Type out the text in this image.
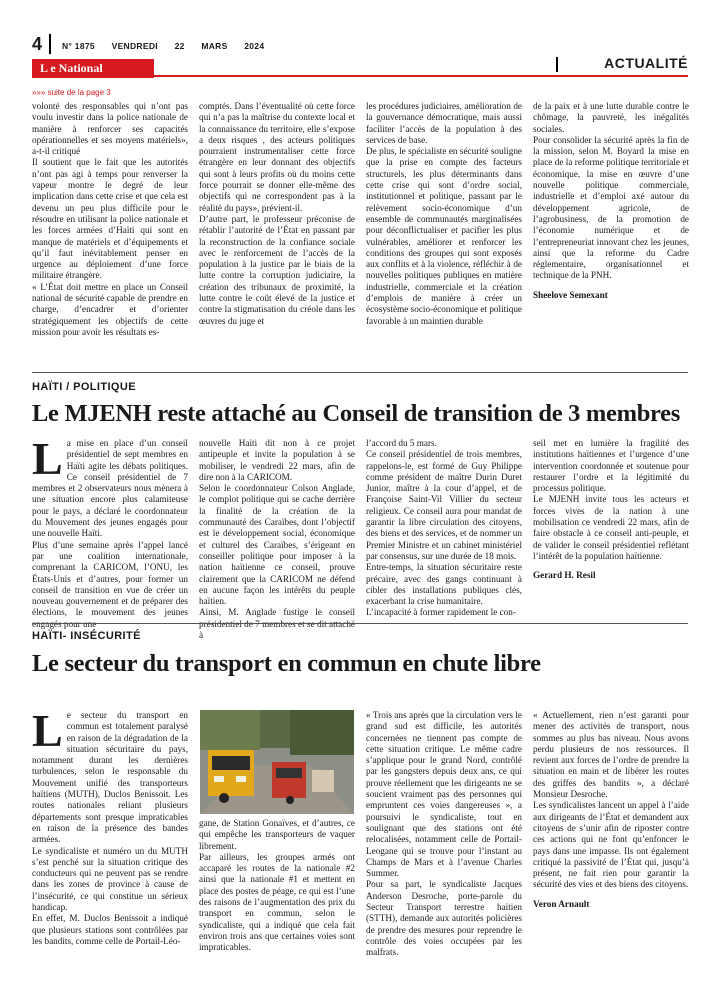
4 N° 1875 VENDREDI 22 MARS 2024
L e National	ACTUALITÉ
»»» suite de la page 3

volonté des responsables qui n’ont pas voulu investir dans la police nationale de manière à renforcer ses capacités opérationnelles et ses moyens matériels», a-t-il critiqué
Il soutient que le fait que les autorités n’ont pas agi à temps pour renverser la vapeur montre le degré de leur implication dans cette crise et que cela est devenu un peu plus difficile pour le résoudre en utilisant la police nationale et les forces armées d’Haïti qui sont en manque de matériels et d’équipements et qu’il faut inévitablement penser en urgence au déploiement d’une force militaire étrangère.
« L’État doit mettre en place un Conseil national de sécurité capable de prendre en charge, d’encadrer et d’orienter stratégiquement les objectifs de cette mission pour avoir les résultats es-

comptés. Dans l’éventualité où cette force qui n’a pas la maîtrise du contexte local et la connaissance du territoire, elle s’expose a deux risques , des acteurs politiques pourraient instrumentaliser cette force étrangère en leur donnant des objectifs qui sont à leurs profits où du moins cette force pourrait se donner elle-même des objectifs qui ne correspondent pas à la réalité du pays», prévient-il.
D’autre part, le professeur préconise de rétablir l’autorité de l’État en passant par la reconstruction de la confiance sociale avec le renforcement de l’accès de la population à la justice par le biais de la lutte contre la corruption judiciaire, la création des tribunaux de proximité, la lutte contre le coût élevé de la justice et contre la stigmatisation du créole dans les œuvres du juge et

les procédures judiciaires, amélioration de la gouvernance démocratique, mais aussi faciliter l’accès de la population à des services de base.
De plus, le spécialiste en sécurité souligne que la prise en compte des facteurs structurels, les plus déterminants dans cette crise qui sont d’ordre social, institutionnel et politique, passant par le relèvement socio-économique d’un ensemble de communautés marginalisées pour déconflictualiser et pacifier les plus vulnérables, améliorer et renforcer les conditions des groupes qui sont exposés aux conflits et à la violence, réfléchir à de nouvelles politiques publiques en matière industrielle, commerciale et la création d’emplois de manière à créer un écosystème socio-économique et politique favorable à un maintien durable

de la paix et à une lutte durable contre le chômage, la pauvreté, les inégalités sociales.
Pour consolider la sécurité après la fin de la mission, selon M. Boyard la mise en place de la reforme politique territoriale et économique, la mise en œuvre d’une nouvelle politique commerciale, industrielle et d’emploi axé autour du développement agricole, de l’agrobusiness, de la promotion de l’économie numérique et de l’entrepreneuriat innovant chez les jeunes, ainsi que la reforme du Cadre réglementaire, organisationnel et technique de la PNH.

Sheelove Semexant

HAÏTI / POLITIQUE
Le MJENH reste attaché au Conseil de transition de 3 membres
L a mise en place d’un conseil présidentiel de sept membres en Haïti agite les débats politiques. Ce conseil présidentiel de 7 membres et 2 observateurs nous mènera à une situation encore plus calamiteuse pour le pays, a déclaré le coordonnateur du Mouvement des jeunes engagés pour une nouvelle Haïti.
Plus d’une semaine après l’appel lancé par une coalition internationale, comprenant la CARICOM, l’ONU, les États-Unis et d’autres, pour former un conseil de transition en vue de créer un nouveau gouvernement et de préparer des élections, le mouvement des jeunes

nouvelle Haïti dit non à ce projet antipeuple et invite la population à se mobiliser, le vendredi 22 mars, afin de dire non à la CARICOM.
Selon le coordonnateur Colson Anglade, le complot politique qui se cache derrière la finalité de la création de la communauté des Caraïbes, dont l’objectif est le développement social, économique et culturel des Caraïbes, s’érigeant en conseiller politique pour imposer à la nation haïtienne ce conseil, prouve clairement que la CARICOM ne défend en aucune façon les intérêts du peuple haïtien.
Ainsi, M. Anglade fustige le conseil à

l’accord du 5 mars.
Ce conseil présidentiel de trois membres, rappelons-le, est formé de Guy Philippe comme président de maître Durin Duret Junior, maître à la cour d’appel, et de Françoise Saint-Vil Villier du secteur religieux. Ce conseil aura pour mandat de garantir la libre circulation des citoyens, des biens et des services, et de nommer un Premier Ministre et un cabinet ministériel par consensus, sur une durée de 18 mois.
Entre-temps, la situation sécuritaire reste précaire, avec des gangs continuant à cibler des installations publiques clés, exacerbant la crise humanitaire.
L’incapacité à former rapidement le con-

seil met en lumière la fragilité des institutions haïtiennes et l’urgence d’une intervention coordonnée et soutenue pour restaurer l’ordre et la légitimité du processus politique.
Le MJENH invite tous les acteurs et forces vives de la nation à une mobilisation ce vendredi 22 mars, afin de faire obstacle à ce conseil anti-peuple, et de valider le conseil présidentiel reflétant l’intérêt de la population haïtienne.

Gerard H. Resil

HAÏTI- INSÉCURITÉ
Le secteur du transport en commun en chute libre
L e secteur du transport en commun est totalement paralysé en raison de la dégradation de la situation sécuritaire du pays, notamment durant les dernières turbulences, selon le responsable du Mouvement unifié des transporteurs haïtiens (MUTH), Duclos Benissoit. Les routes nationales reliant plusieurs départements sont presque impraticables en raison de la présence des bandes armées.
Le syndicaliste et numéro un du MUTH s’est penché sur la situation critique des conducteurs qui ne peuvent pas se rendre dans les zones de province à cause de l’insécurité, ce qui constitue un sérieux handicap.
En effet, M. Duclos Benissoit a indiqué que plusieurs stations sont contrôlées par les bandits, comme celle de Portail-Léo-

gane, de Station Gonaïves, et d’autres, ce qui empêche les transporteurs de vaquer librement.
Par ailleurs, les groupes armés ont accaparé les routes de la nationale #2 ainsi que la nationale #1 et mettent en place des postes de péage, ce qui est l’une des raisons de l’augmentation des prix du transport en commun, selon le syndicaliste, qui a indiqué que cela fait environ trois ans que certaines voies sont impraticables.

« Trois ans après que la circulation vers le grand sud est difficile, les autorités concernées ne tiennent pas compte de cette situation critique. Le même cadre s’applique pour le grand Nord, contrôlé par les gangsters depuis deux ans, ce qui prouve réellement que les dirigeants ne se soucient vraiment pas des personnes qui empruntent ces voies dangereuses », a poursuivi le syndicaliste, tout en soulignant que des stations ont été relocalisées, notamment celle de Portail-Leogane qui se trouve pour l’instant au Champs de Mars et à l’avenue Charles Summer.
Pour sa part, le syndicaliste Jacques Anderson Desroche, porte-parole du Secteur Transport terrestre haïtien (STTH), demande aux autorités policières de prendre des mesures pour reprendre le contrôle des voies occupées par les malfrats.

« Actuellement, rien n’est garanti pour mener des activités de transport, nous sommes au plus bas niveau. Nous avons perdu plusieurs de nos ressources. Il revient aux forces de l’ordre de prendre la situation en main et de libérer les routes des griffes des bandits », a déclaré Monsieur Desroche.
Les syndicalistes lancent un appel à l’aide aux dirigeants de l’État et demandent aux citoyens de s’unir afin de riposter contre ces actions qui ne font qu’enfoncer le pays dans une impasse. Ils ont également critiqué la passivité de l’État qui, jusqu’à présent, ne fait rien pour garantir la sécurité des vies et des biens des citoyens.

Veron Arnault
